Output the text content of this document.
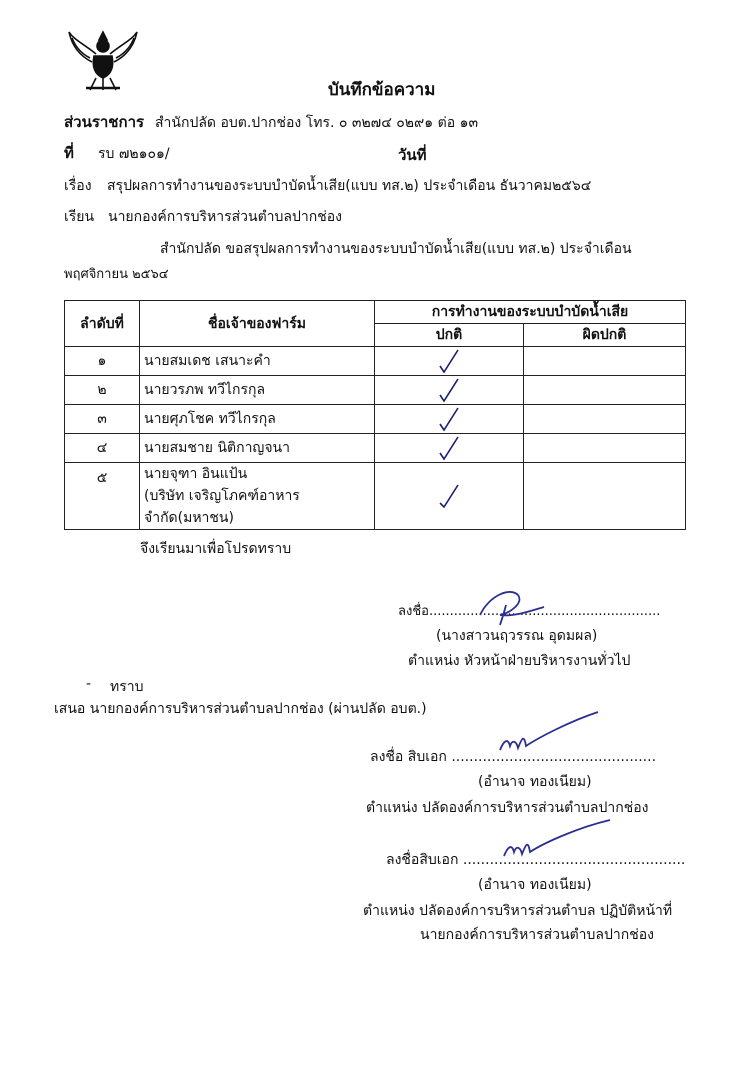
บันทึกข้อความ
ส่วนราชการ สำนักปลัด อบต.ปากช่อง โทร. ๐ ๓๒๗๔ ๐๒๙๑ ต่อ ๑๓
ที่ รบ ๗๒๑๐๑/	วันที่
เรื่อง สรุปผลการทำงานของระบบบำบัดน้ำเสีย(แบบ ทส.๒) ประจำเดือน ธันวาคม๒๕๖๔
เรียน นายกองค์การบริหารส่วนตำบลปากช่อง
สำนักปลัด ขอสรุปผลการทำงานของระบบบำบัดน้ำเสีย(แบบ ทส.๒) ประจำเดือน
พฤศจิกายน ๒๕๖๔
ลำดับที่	ชื่อเจ้าของฟาร์ม	การทำงานของระบบบำบัดน้ำเสีย	
		ปกติ	ผิดปกติ
๑	นายสมเดช เสนาะคำ		
๒	นายวรภพ ทวีไกรกุล		
๓	นายศุภโชค ทวีไกรกุล		
๔	นายสมชาย นิติกาญจนา		
๕	นายจุฑา อินแป้น
(บริษัท เจริญโภคฑ์อาหารจำกัด(มหาชน)

จึงเรียนมาเพื่อโปรดทราบ
ลงชื่อ........................................................
(นางสาวนฤวรรณ อุดมผล)
ตำแหน่ง หัวหน้าฝ่ายบริหารงานทั่วไป
- ทราบ
เสนอ นายกองค์การบริหารส่วนตำบลปากช่อง (ผ่านปลัด อบต.)
ลงชื่อ สิบเอก ..............................................
(อำนาจ ทองเนียม)
ตำแหน่ง ปลัดองค์การบริหารส่วนตำบลปากช่อง
ลงชื่อสิบเอก ..................................................
(อำนาจ ทองเนียม)
ตำแหน่ง ปลัดองค์การบริหารส่วนตำบล ปฏิบัติหน้าที่
นายกองค์การบริหารส่วนตำบลปากช่อง
